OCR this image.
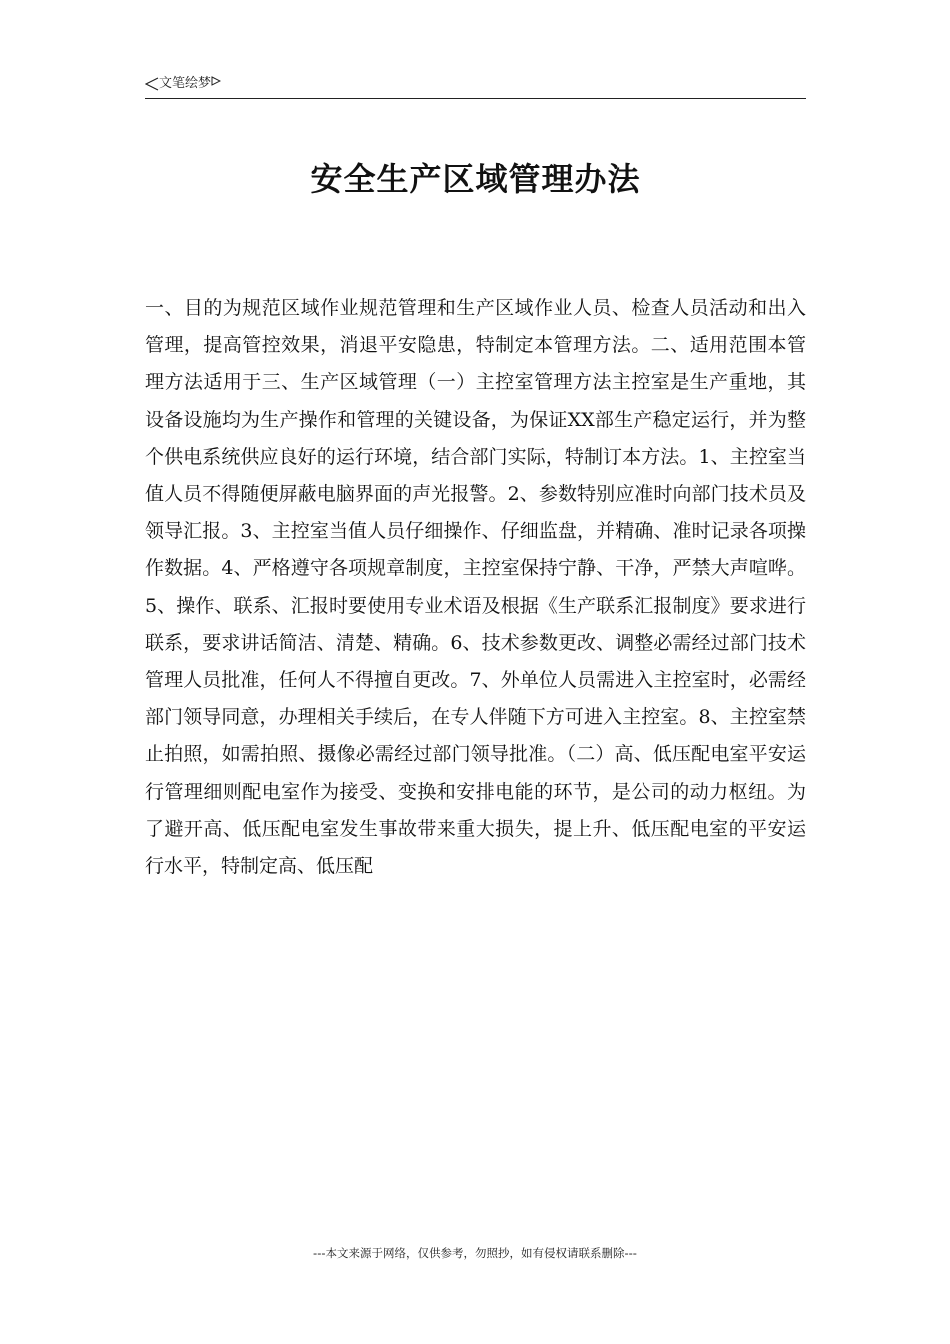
文笔绘梦
安全生产区域管理办法

一、目的为规范区域作业规范管理和生产区域作业人员、检查人员活动和出入管理，提高管控效果，消退平安隐患，特制定本管理方法。二、适用范围本管理方法适用于三、生产区域管理（一）主控室管理方法主控室是生产重地，其设备设施均为生产操作和管理的关键设备，为保证XX部生产稳定运行，并为整个供电系统供应良好的运行环境，结合部门实际，特制订本方法。1、主控室当值人员不得随便屏蔽电脑界面的声光报警。2、参数特别应准时向部门技术员及领导汇报。3、主控室当值人员仔细操作、仔细监盘，并精确、准时记录各项操作数据。4、严格遵守各项规章制度，主控室保持宁静、干净，严禁大声喧哗。5、操作、联系、汇报时要使用专业术语及根据《生产联系汇报制度》要求进行联系，要求讲话简洁、清楚、精确。6、技术参数更改、调整必需经过部门技术管理人员批准，任何人不得擅自更改。7、外单位人员需进入主控室时，必需经部门领导同意，办理相关手续后，在专人伴随下方可进入主控室。8、主控室禁止拍照，如需拍照、摄像必需经过部门领导批准。（二）高、低压配电室平安运行管理细则配电室作为接受、变换和安排电能的环节，是公司的动力枢纽。为了避开高、低压配电室发生事故带来重大损失，提上升、低压配电室的平安运行水平，特制定高、低压配

---本文来源于网络，仅供参考，勿照抄，如有侵权请联系删除---
